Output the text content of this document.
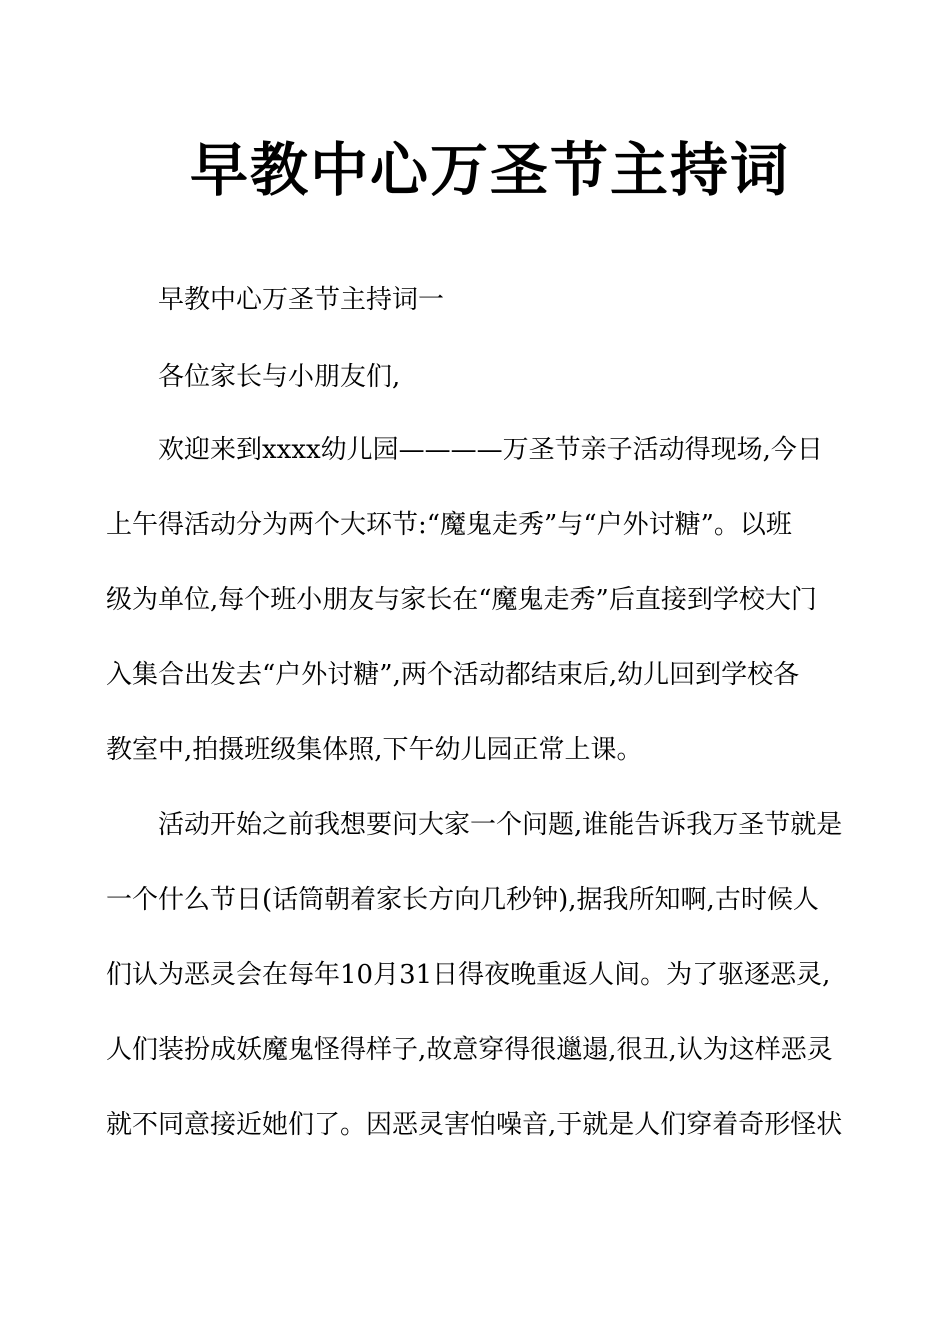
早教中心万圣节主持词

早教中心万圣节主持词一

各位家长与小朋友们,

欢迎来到xxxx幼儿园————万圣节亲子活动得现场,今日

上午得活动分为两个大环节:“魔鬼走秀”与“户外讨糖”。以班

级为单位,每个班小朋友与家长在“魔鬼走秀”后直接到学校大门

入集合出发去“户外讨糖”,两个活动都结束后,幼儿回到学校各

教室中,拍摄班级集体照,下午幼儿园正常上课。

活动开始之前我想要问大家一个问题,谁能告诉我万圣节就是

一个什么节日(话筒朝着家长方向几秒钟),据我所知啊,古时候人

们认为恶灵会在每年10月31日得夜晚重返人间。为了驱逐恶灵,

人们装扮成妖魔鬼怪得样子,故意穿得很邋遢,很丑,认为这样恶灵

就不同意接近她们了。因恶灵害怕噪音,于就是人们穿着奇形怪状
